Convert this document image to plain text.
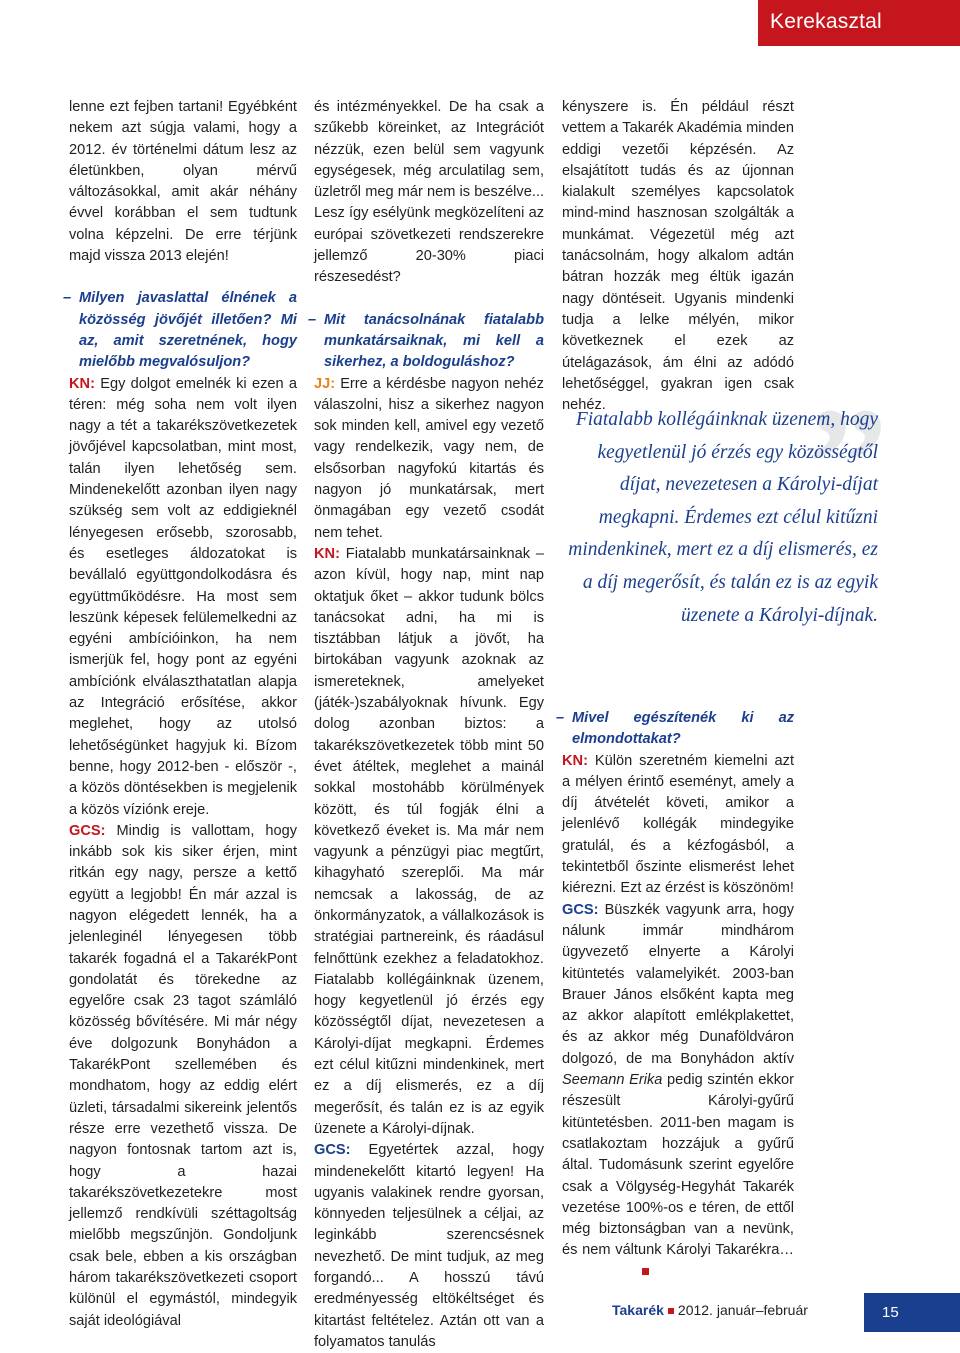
Kerekasztal

lenne ezt fejben tartani! Egyébként nekem azt súgja valami, hogy a 2012. év történelmi dátum lesz az életünkben, olyan mérvű változásokkal, amit akár néhány évvel korábban el sem tudtunk volna képzelni. De erre térjünk majd vissza 2013 elején!

– Milyen javaslattal élnének a közösség jövőjét illetően? Mi az, amit szeretnének, hogy mielőbb megvalósuljon?

KN: Egy dolgot emelnék ki ezen a téren: még soha nem volt ilyen nagy a tét a takarékszövetkezetek jövőjével kapcsolatban, mint most, talán ilyen lehetőség sem. Mindenekelőtt azonban ilyen nagy szükség sem volt az eddigieknél lényegesen erősebb, szorosabb, és esetleges áldozatokat is bevállaló együttgondolkodásra és együttműködésre. Ha most sem leszünk képesek felülemelkedni az egyéni ambícióinkon, ha nem ismerjük fel, hogy pont az egyéni ambíciónk elválaszthatatlan alapja az Integráció erősítése, akkor meglehet, hogy az utolsó lehetőségünket hagyjuk ki. Bízom benne, hogy 2012-ben - először -, a közös döntésekben is megjelenik a közös víziónk ereje.

GCS: Mindig is vallottam, hogy inkább sok kis siker érjen, mint ritkán egy nagy, persze a kettő együtt a legjobb! Én már azzal is nagyon elégedett lennék, ha a jelenleginél lényegesen több takarék fogadná el a TakarékPont gondolatát és törekedne az egyelőre csak 23 tagot számláló közösség bővítésére. Mi már négy éve dolgozunk Bonyhádon a TakarékPont szellemében és mondhatom, hogy az eddig elért üzleti, társadalmi sikereink jelentős része erre vezethető vissza. De nagyon fontosnak tartom azt is, hogy a hazai takarékszövetkezetekre most jellemző rendkívüli széttagoltság mielőbb megszűnjön. Gondoljunk csak bele, ebben a kis országban három takarékszövetkezeti csoport különül el egymástól, mindegyik saját ideológiával

és intézményekkel. De ha csak a szűkebb köreinket, az Integrációt nézzük, ezen belül sem vagyunk egységesek, még arculatilag sem, üzletről meg már nem is beszélve... Lesz így esélyünk megközelíteni az európai szövetkezeti rendszerekre jellemző 20-30% piaci részesedést?

– Mit tanácsolnának fiatalabb munkatársaiknak, mi kell a sikerhez, a boldoguláshoz?

JJ: Erre a kérdésbe nagyon nehéz válaszolni, hisz a sikerhez nagyon sok minden kell, amivel egy vezető vagy rendelkezik, vagy nem, de elsősorban nagyfokú kitartás és nagyon jó munkatársak, mert önmagában egy vezető csodát nem tehet.

KN: Fiatalabb munkatársainknak – azon kívül, hogy nap, mint nap oktatjuk őket – akkor tudunk bölcs tanácsokat adni, ha mi is tisztábban látjuk a jövőt, ha birtokában vagyunk azoknak az ismereteknek, amelyeket (játék-)szabályoknak hívunk. Egy dolog azonban biztos: a takarékszövetkezetek több mint 50 évet átéltek, meglehet a mainál sokkal mostohább körülmények között, és túl fogják élni a következő éveket is. Ma már nem vagyunk a pénzügyi piac megtűrt, kihagyható szereplői. Ma már nemcsak a lakosság, de az önkormányzatok, a vállalkozások is stratégiai partnereink, és ráadásul felnőttünk ezekhez a feladatokhoz. Fiatalabb kollégáinknak üzenem, hogy kegyetlenül jó érzés egy közösségtől díjat, nevezetesen a Károlyi-díjat megkapni. Érdemes ezt célul kitűzni mindenkinek, mert ez a díj elismerés, ez a díj megerősít, és talán ez is az egyik üzenete a Károlyi-díjnak.

GCS: Egyetértek azzal, hogy mindenekelőtt kitartó legyen! Ha ugyanis valakinek rendre gyorsan, könnyeden teljesülnek a céljai, az leginkább szerencsésnek nevezhető. De mint tudjuk, az meg forgandó... A hosszú távú eredményesség eltökéltséget és kitartást feltételez. Aztán ott van a folyamatos tanulás

kényszere is. Én például részt vettem a Takarék Akadémia minden eddigi vezetői képzésén. Az elsajátított tudás és az újonnan kialakult személyes kapcsolatok mind-mind hasznosan szolgálták a munkámat. Végezetül még azt tanácsolnám, hogy alkalom adtán bátran hozzák meg éltük igazán nagy döntéseit. Ugyanis mindenki tudja a lelke mélyén, mikor következnek el ezek az útelágazások, ám élni az adódó lehetőséggel, gyakran igen csak nehéz.	”
Fiatalabb kollégáinknak üzenem, hogy kegyetlenül jó érzés egy közösségtől díjat, nevezetesen a Károlyi-díjat megkapni. Érdemes ezt célul kitűzni mindenkinek, mert ez a díj elismerés, ez a díj megerősít, és talán ez is az egyik üzenete a Károlyi-díjnak.

– Mivel egészítenék ki az elmondottakat?

KN: Külön szeretném kiemelni azt a mélyen érintő eseményt, amely a díj átvételét követi, amikor a jelenlévő kollégák mindegyike gratulál, és a kézfogásból, a tekintetből őszinte elismerést lehet kiérezni. Ezt az érzést is köszönöm!

GCS: Büszkék vagyunk arra, hogy nálunk immár mindhárom ügyvezető elnyerte a Károlyi kitüntetés valamelyikét. 2003-ban Brauer János elsőként kapta meg az akkor alapított emlékplakettet, és az akkor még Dunaföldváron dolgozó, de ma Bonyhádon aktív Seemann Erika pedig szintén ekkor részesült Károlyi-gyűrű kitüntetésben. 2011-ben magam is csatlakoztam hozzájuk a gyűrű által. Tudomásunk szerint egyelőre csak a Völgység-Hegyhát Takarék vezetése 100%-os e téren, de ettől még biztonságban van a nevünk, és nem váltunk Károlyi Takarékra…

Takarék 2012. január–február	15
